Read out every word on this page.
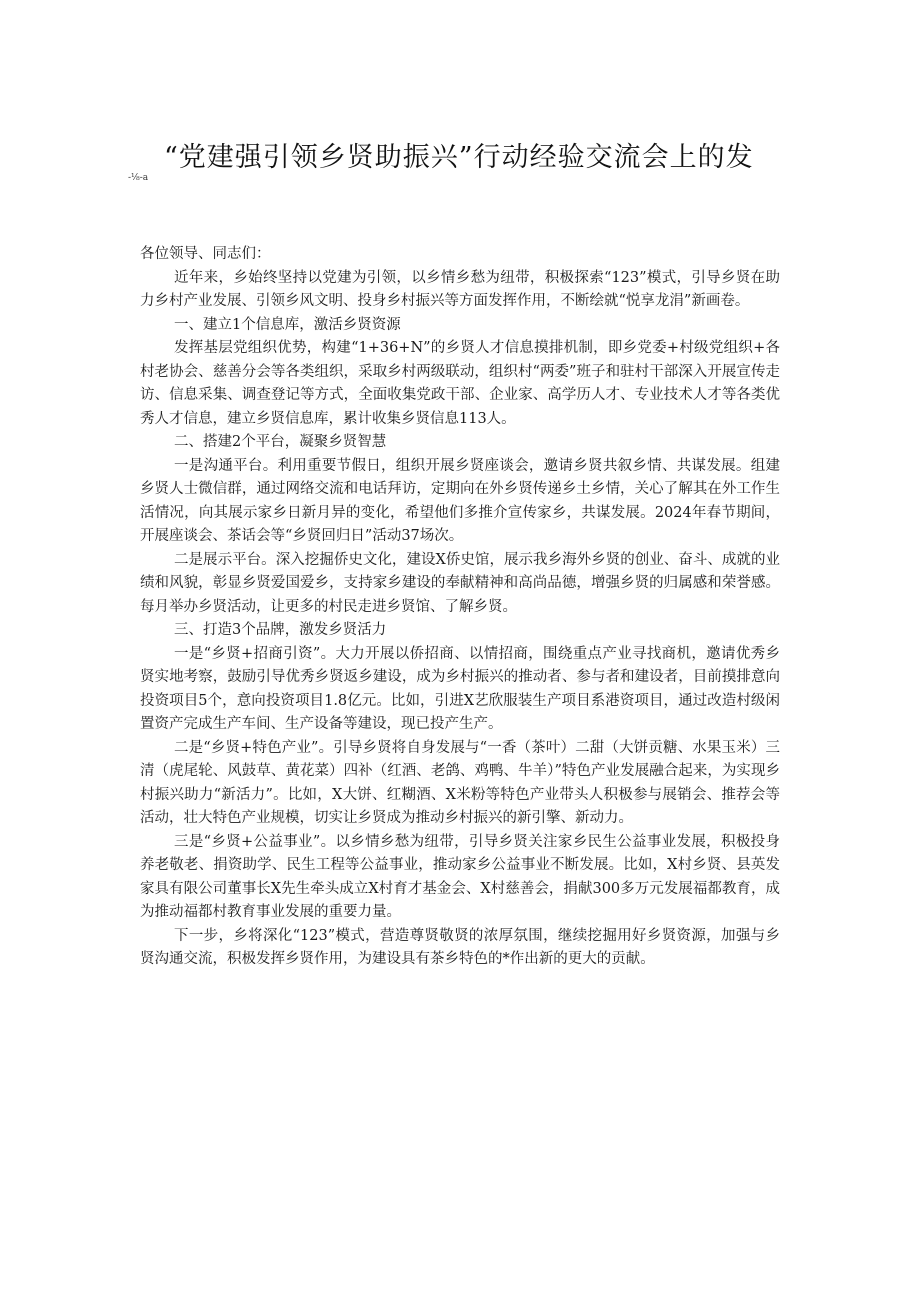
“党建强引领乡贤助振兴”行动经验交流会上的发
-⅛-a

各位领导、同志们：

近年来，乡始终坚持以党建为引领，以乡情乡愁为纽带，积极探索“123”模式，引导乡贤在助力乡村产业发展、引领乡风文明、投身乡村振兴等方面发挥作用，不断绘就“悦享龙涓”新画卷。

一、建立1个信息库，激活乡贤资源

发挥基层党组织优势，构建“1+36+N”的乡贤人才信息摸排机制，即乡党委+村级党组织+各村老协会、慈善分会等各类组织，采取乡村两级联动，组织村“两委”班子和驻村干部深入开展宣传走访、信息采集、调查登记等方式，全面收集党政干部、企业家、高学历人才、专业技术人才等各类优秀人才信息，建立乡贤信息库，累计收集乡贤信息113人。

二、搭建2个平台，凝聚乡贤智慧

一是沟通平台。利用重要节假日，组织开展乡贤座谈会，邀请乡贤共叙乡情、共谋发展。组建乡贤人士微信群，通过网络交流和电话拜访，定期向在外乡贤传递乡土乡情，关心了解其在外工作生活情况，向其展示家乡日新月异的变化，希望他们多推介宣传家乡，共谋发展。2024年春节期间，开展座谈会、茶话会等“乡贤回归日”活动37场次。

二是展示平台。深入挖掘侨史文化，建设X侨史馆，展示我乡海外乡贤的创业、奋斗、成就的业绩和风貌，彰显乡贤爱国爱乡，支持家乡建设的奉献精神和高尚品德，增强乡贤的归属感和荣誉感。每月举办乡贤活动，让更多的村民走进乡贤馆、了解乡贤。

三、打造3个品牌，激发乡贤活力

一是“乡贤+招商引资”。大力开展以侨招商、以情招商，围绕重点产业寻找商机，邀请优秀乡贤实地考察，鼓励引导优秀乡贤返乡建设，成为乡村振兴的推动者、参与者和建设者，目前摸排意向投资项目5个，意向投资项目1.8亿元。比如，引进X艺欣服装生产项目系港资项目，通过改造村级闲置资产完成生产车间、生产设备等建设，现已投产生产。

二是“乡贤+特色产业”。引导乡贤将自身发展与“一香（茶叶）二甜（大饼贡糖、水果玉米）三清（虎尾轮、风鼓草、黄花菜）四补（红酒、老鸽、鸡鸭、牛羊）”特色产业发展融合起来，为实现乡村振兴助力“新活力”。比如，X大饼、红糊酒、X米粉等特色产业带头人积极参与展销会、推荐会等活动，壮大特色产业规模，切实让乡贤成为推动乡村振兴的新引擎、新动力。

三是“乡贤+公益事业”。以乡情乡愁为纽带，引导乡贤关注家乡民生公益事业发展，积极投身养老敬老、捐资助学、民生工程等公益事业，推动家乡公益事业不断发展。比如，X村乡贤、县英发家具有限公司董事长X先生牵头成立X村育才基金会、X村慈善会，捐献300多万元发展福都教育，成为推动福都村教育事业发展的重要力量。

下一步，乡将深化“123”模式，营造尊贤敬贤的浓厚氛围，继续挖掘用好乡贤资源，加强与乡贤沟通交流，积极发挥乡贤作用，为建设具有茶乡特色的*作出新的更大的贡献。
